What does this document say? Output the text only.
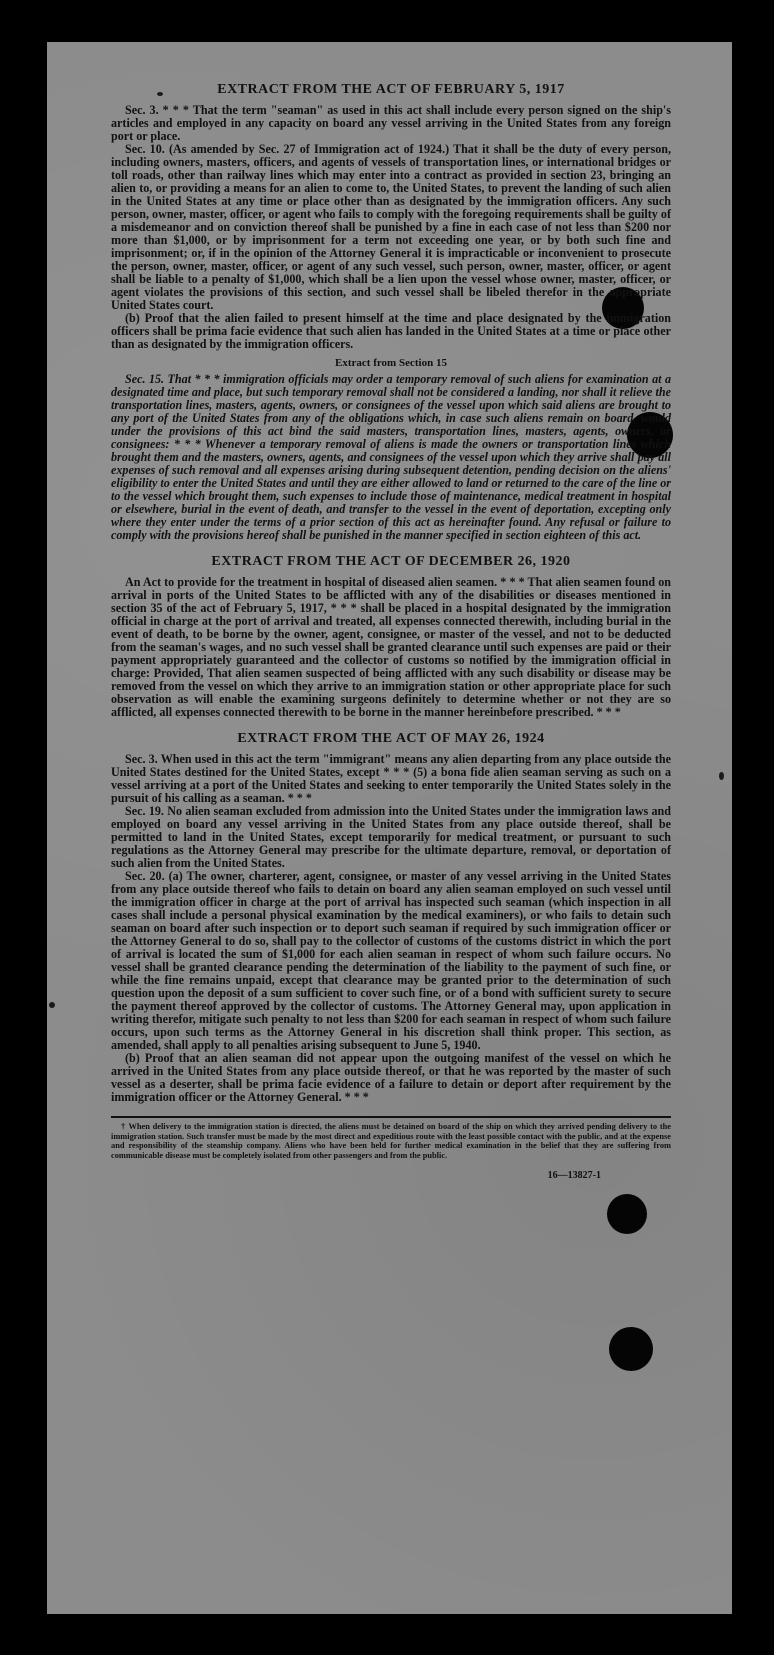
EXTRACT FROM THE ACT OF FEBRUARY 5, 1917

Sec. 3. * * * That the term "seaman" as used in this act shall include every person signed on the ship's articles and employed in any capacity on board any vessel arriving in the United States from any foreign port or place.

Sec. 10. (As amended by Sec. 27 of Immigration act of 1924.) That it shall be the duty of every person, including owners, masters, officers, and agents of vessels of transportation lines, or international bridges or toll roads, other than railway lines which may enter into a contract as provided in section 23, bringing an alien to, or providing a means for an alien to come to, the United States, to prevent the landing of such alien in the United States at any time or place other than as designated by the immigration officers. Any such person, owner, master, officer, or agent who fails to comply with the foregoing requirements shall be guilty of a misdemeanor and on conviction thereof shall be punished by a fine in each case of not less than $200 nor more than $1,000, or by imprisonment for a term not exceeding one year, or by both such fine and imprisonment; or, if in the opinion of the Attorney General it is impracticable or inconvenient to prosecute the person, owner, master, officer, or agent of any such vessel, such person, owner, master, officer, or agent shall be liable to a penalty of $1,000, which shall be a lien upon the vessel whose owner, master, officer, or agent violates the provisions of this section, and such vessel shall be libeled therefor in the appropriate United States court.

(b) Proof that the alien failed to present himself at the time and place designated by the immigration officers shall be prima facie evidence that such alien has landed in the United States at a time or place other than as designated by the immigration officers.

Extract from Section 15

Sec. 15. That * * * immigration officials may order a temporary removal of such aliens for examination at a designated time and place, but such temporary removal shall not be considered a landing, nor shall it relieve the transportation lines, masters, agents, owners, or consignees of the vessel upon which said aliens are brought to any port of the United States from any of the obligations which, in case such aliens remain on board, would under the provisions of this act bind the said masters, transportation lines, masters, agents, owners, or consignees: * * * Whenever a temporary removal of aliens is made the owners or transportation lines which brought them and the masters, owners, agents, and consignees of the vessel upon which they arrive shall pay all expenses of such removal and all expenses arising during subsequent detention, pending decision on the aliens' eligibility to enter the United States and until they are either allowed to land or returned to the care of the line or to the vessel which brought them, such expenses to include those of maintenance, medical treatment in hospital or elsewhere, burial in the event of death, and transfer to the vessel in the event of deportation, excepting only where they enter under the terms of a prior section of this act as hereinafter found. Any refusal or failure to comply with the provisions hereof shall be punished in the manner specified in section eighteen of this act.

EXTRACT FROM THE ACT OF DECEMBER 26, 1920

An Act to provide for the treatment in hospital of diseased alien seamen. * * * That alien seamen found on arrival in ports of the United States to be afflicted with any of the disabilities or diseases mentioned in section 35 of the act of February 5, 1917, * * * shall be placed in a hospital designated by the immigration official in charge at the port of arrival and treated, all expenses connected therewith, including burial in the event of death, to be borne by the owner, agent, consignee, or master of the vessel, and not to be deducted from the seaman's wages, and no such vessel shall be granted clearance until such expenses are paid or their payment appropriately guaranteed and the collector of customs so notified by the immigration official in charge: Provided, That alien seamen suspected of being afflicted with any such disability or disease may be removed from the vessel on which they arrive to an immigration station or other appropriate place for such observation as will enable the examining surgeons definitely to determine whether or not they are so afflicted, all expenses connected therewith to be borne in the manner hereinbefore prescribed. * * *

EXTRACT FROM THE ACT OF MAY 26, 1924

Sec. 3. When used in this act the term "immigrant" means any alien departing from any place outside the United States destined for the United States, except * * * (5) a bona fide alien seaman serving as such on a vessel arriving at a port of the United States and seeking to enter temporarily the United States solely in the pursuit of his calling as a seaman. * * *

Sec. 19. No alien seaman excluded from admission into the United States under the immigration laws and employed on board any vessel arriving in the United States from any place outside thereof, shall be permitted to land in the United States, except temporarily for medical treatment, or pursuant to such regulations as the Attorney General may prescribe for the ultimate departure, removal, or deportation of such alien from the United States.

Sec. 20. (a) The owner, charterer, agent, consignee, or master of any vessel arriving in the United States from any place outside thereof who fails to detain on board any alien seaman employed on such vessel until the immigration officer in charge at the port of arrival has inspected such seaman (which inspection in all cases shall include a personal physical examination by the medical examiners), or who fails to detain such seaman on board after such inspection or to deport such seaman if required by such immigration officer or the Attorney General to do so, shall pay to the collector of customs of the customs district in which the port of arrival is located the sum of $1,000 for each alien seaman in respect of whom such failure occurs. No vessel shall be granted clearance pending the determination of the liability to the payment of such fine, or while the fine remains unpaid, except that clearance may be granted prior to the determination of such question upon the deposit of a sum sufficient to cover such fine, or of a bond with sufficient surety to secure the payment thereof approved by the collector of customs. The Attorney General may, upon application in writing therefor, mitigate such penalty to not less than $200 for each seaman in respect of whom such failure occurs, upon such terms as the Attorney General in his discretion shall think proper. This section, as amended, shall apply to all penalties arising subsequent to June 5, 1940.

(b) Proof that an alien seaman did not appear upon the outgoing manifest of the vessel on which he arrived in the United States from any place outside thereof, or that he was reported by the master of such vessel as a deserter, shall be prima facie evidence of a failure to detain or deport after requirement by the immigration officer or the Attorney General. * * *

† When delivery to the immigration station is directed, the aliens must be detained on board of the ship on which they arrived pending delivery to the immigration station. Such transfer must be made by the most direct and expeditious route with the least possible contact with the public, and at the expense and responsibility of the steamship company. Aliens who have been held for further medical examination in the belief that they are suffering from communicable disease must be completely isolated from other passengers and from the public.

16—13827-1
